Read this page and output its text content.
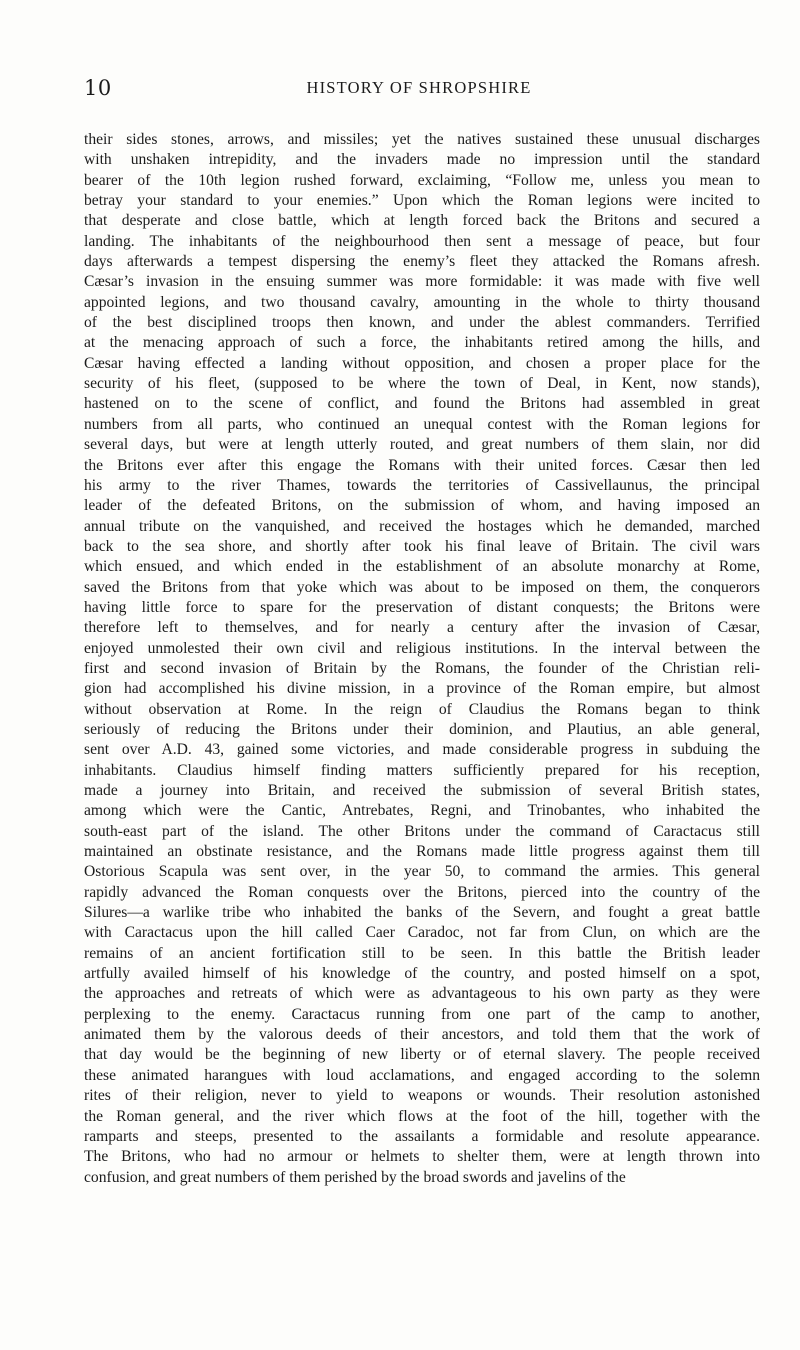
10	HISTORY OF SHROPSHIRE
their sides stones, arrows, and missiles; yet the natives sustained these unusual discharges
with unshaken intrepidity, and the invaders made no impression until the standard
bearer of the 10th legion rushed forward, exclaiming, “Follow me, unless you mean to
betray your standard to your enemies.” Upon which the Roman legions were incited to
that desperate and close battle, which at length forced back the Britons and secured a
landing. The inhabitants of the neighbourhood then sent a message of peace, but four
days afterwards a tempest dispersing the enemy’s fleet they attacked the Romans afresh.
Cæsar’s invasion in the ensuing summer was more formidable: it was made with five well
appointed legions, and two thousand cavalry, amounting in the whole to thirty thousand
of the best disciplined troops then known, and under the ablest commanders. Terrified
at the menacing approach of such a force, the inhabitants retired among the hills, and
Cæsar having effected a landing without opposition, and chosen a proper place for the
security of his fleet, (supposed to be where the town of Deal, in Kent, now stands),
hastened on to the scene of conflict, and found the Britons had assembled in great
numbers from all parts, who continued an unequal contest with the Roman legions for
several days, but were at length utterly routed, and great numbers of them slain, nor did
the Britons ever after this engage the Romans with their united forces. Cæsar then led
his army to the river Thames, towards the territories of Cassivellaunus, the principal
leader of the defeated Britons, on the submission of whom, and having imposed an
annual tribute on the vanquished, and received the hostages which he demanded, marched
back to the sea shore, and shortly after took his final leave of Britain. The civil wars
which ensued, and which ended in the establishment of an absolute monarchy at Rome,
saved the Britons from that yoke which was about to be imposed on them, the conquerors
having little force to spare for the preservation of distant conquests; the Britons were
therefore left to themselves, and for nearly a century after the invasion of Cæsar,
enjoyed unmolested their own civil and religious institutions. In the interval between the
first and second invasion of Britain by the Romans, the founder of the Christian reli-
gion had accomplished his divine mission, in a province of the Roman empire, but almost
without observation at Rome. In the reign of Claudius the Romans began to think
seriously of reducing the Britons under their dominion, and Plautius, an able general,
sent over A.D. 43, gained some victories, and made considerable progress in subduing the
inhabitants. Claudius himself finding matters sufficiently prepared for his reception,
made a journey into Britain, and received the submission of several British states,
among which were the Cantic, Antrebates, Regni, and Trinobantes, who inhabited the
south-east part of the island. The other Britons under the command of Caractacus still
maintained an obstinate resistance, and the Romans made little progress against them till
Ostorious Scapula was sent over, in the year 50, to command the armies. This general
rapidly advanced the Roman conquests over the Britons, pierced into the country of the
Silures—a warlike tribe who inhabited the banks of the Severn, and fought a great battle
with Caractacus upon the hill called Caer Caradoc, not far from Clun, on which are the
remains of an ancient fortification still to be seen. In this battle the British leader
artfully availed himself of his knowledge of the country, and posted himself on a spot,
the approaches and retreats of which were as advantageous to his own party as they were
perplexing to the enemy. Caractacus running from one part of the camp to another,
animated them by the valorous deeds of their ancestors, and told them that the work of
that day would be the beginning of new liberty or of eternal slavery. The people received
these animated harangues with loud acclamations, and engaged according to the solemn
rites of their religion, never to yield to weapons or wounds. Their resolution astonished
the Roman general, and the river which flows at the foot of the hill, together with the
ramparts and steeps, presented to the assailants a formidable and resolute appearance.
The Britons, who had no armour or helmets to shelter them, were at length thrown into
confusion, and great numbers of them perished by the broad swords and javelins of the
